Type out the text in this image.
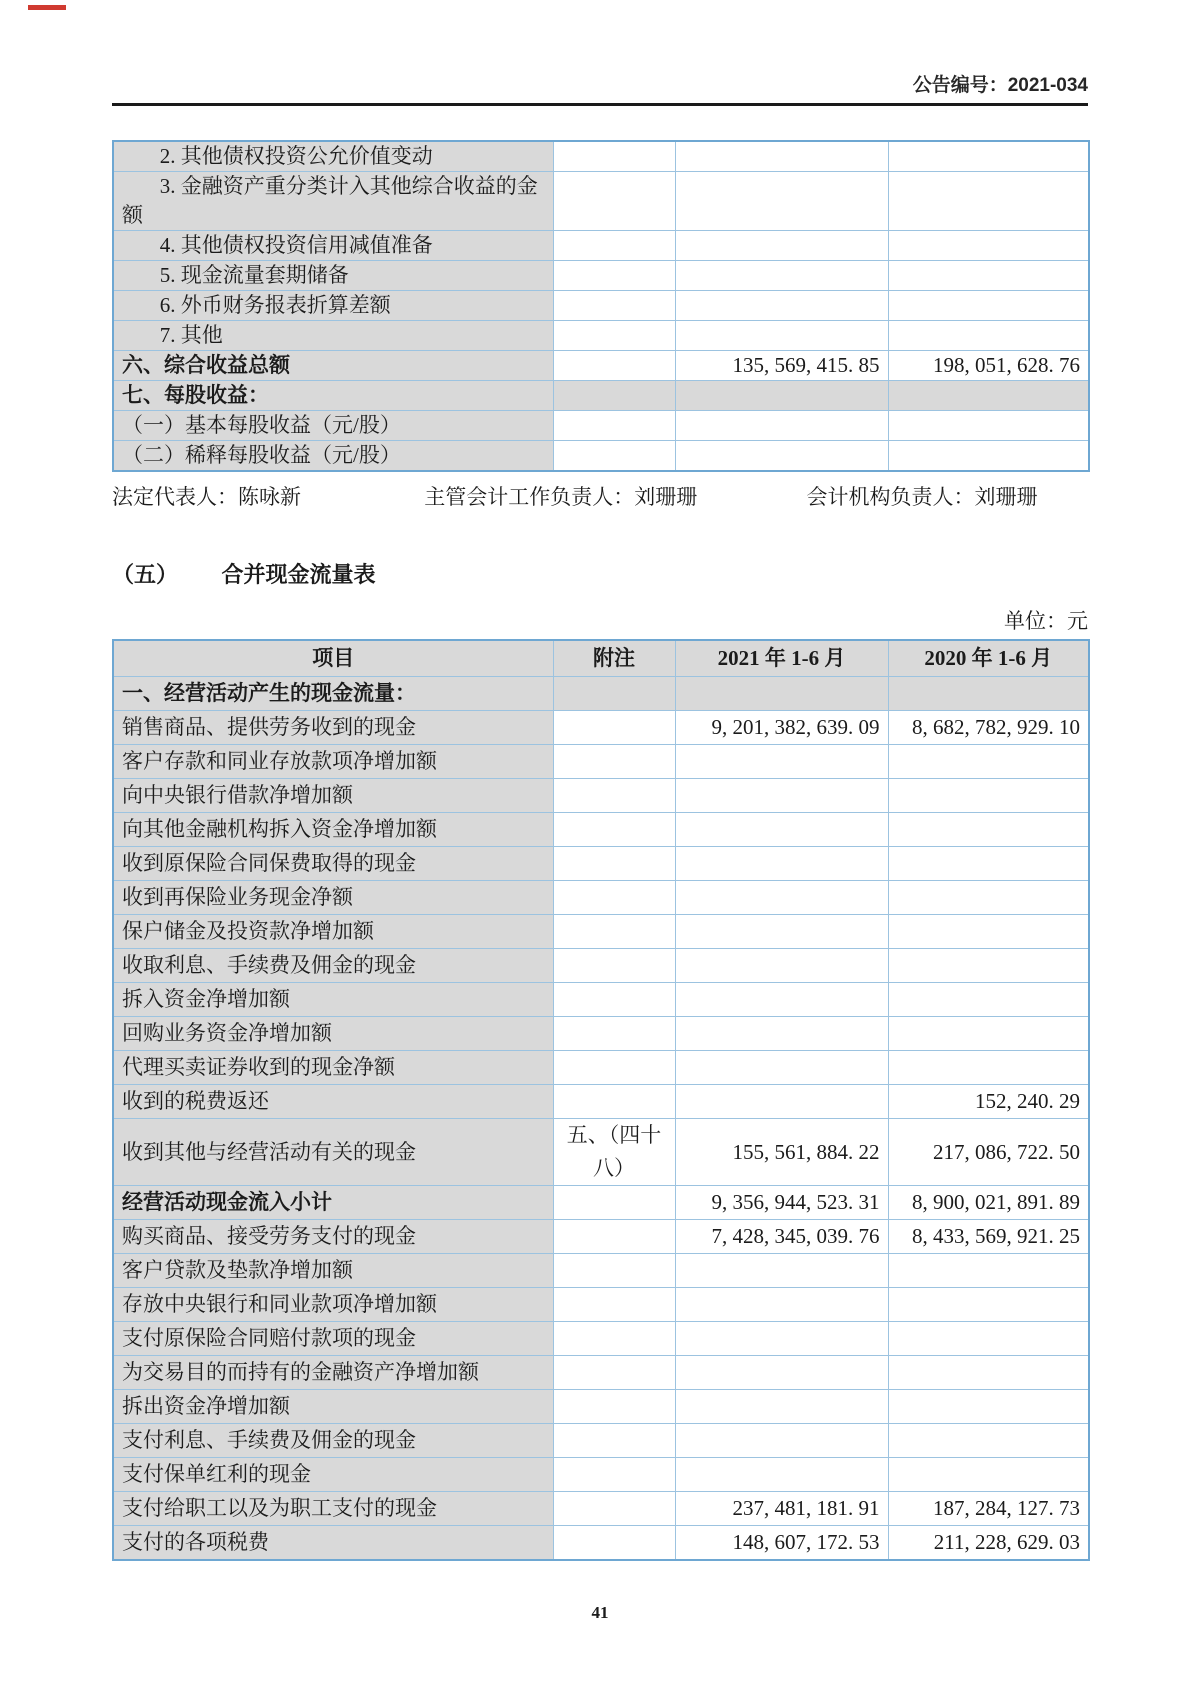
公告编号：2021-034
2. 其他债权投资公允价值变动			
3. 金融资产重分类计入其他综合收益的金额			
4. 其他债权投资信用减值准备			
5. 现金流量套期储备			
6. 外币财务报表折算差额			
7. 其他			
六、综合收益总额		135, 569, 415. 85	198, 051, 628. 76
七、每股收益：			
（一）基本每股收益（元/股）			
（二）稀释每股收益（元/股）			
法定代表人：陈咏新	主管会计工作负责人：刘珊珊	会计机构负责人：刘珊珊
（五） 合并现金流量表
单位：元
项目	附注	2021 年 1-6 月	2020 年 1-6 月
一、经营活动产生的现金流量：			
销售商品、提供劳务收到的现金		9, 201, 382, 639. 09	8, 682, 782, 929. 10
客户存款和同业存放款项净增加额			
向中央银行借款净增加额			
向其他金融机构拆入资金净增加额			
收到原保险合同保费取得的现金			
收到再保险业务现金净额			
保户储金及投资款净增加额			
收取利息、手续费及佣金的现金			
拆入资金净增加额			
回购业务资金净增加额			
代理买卖证券收到的现金净额			
收到的税费返还			152, 240. 29
收到其他与经营活动有关的现金	五、（四十八）	155, 561, 884. 22	217, 086, 722. 50
经营活动现金流入小计		9, 356, 944, 523. 31	8, 900, 021, 891. 89
购买商品、接受劳务支付的现金		7, 428, 345, 039. 76	8, 433, 569, 921. 25
客户贷款及垫款净增加额			
存放中央银行和同业款项净增加额			
支付原保险合同赔付款项的现金			
为交易目的而持有的金融资产净增加额			
拆出资金净增加额			
支付利息、手续费及佣金的现金			
支付保单红利的现金			
支付给职工以及为职工支付的现金		237, 481, 181. 91	187, 284, 127. 73
支付的各项税费		148, 607, 172. 53	211, 228, 629. 03
41
